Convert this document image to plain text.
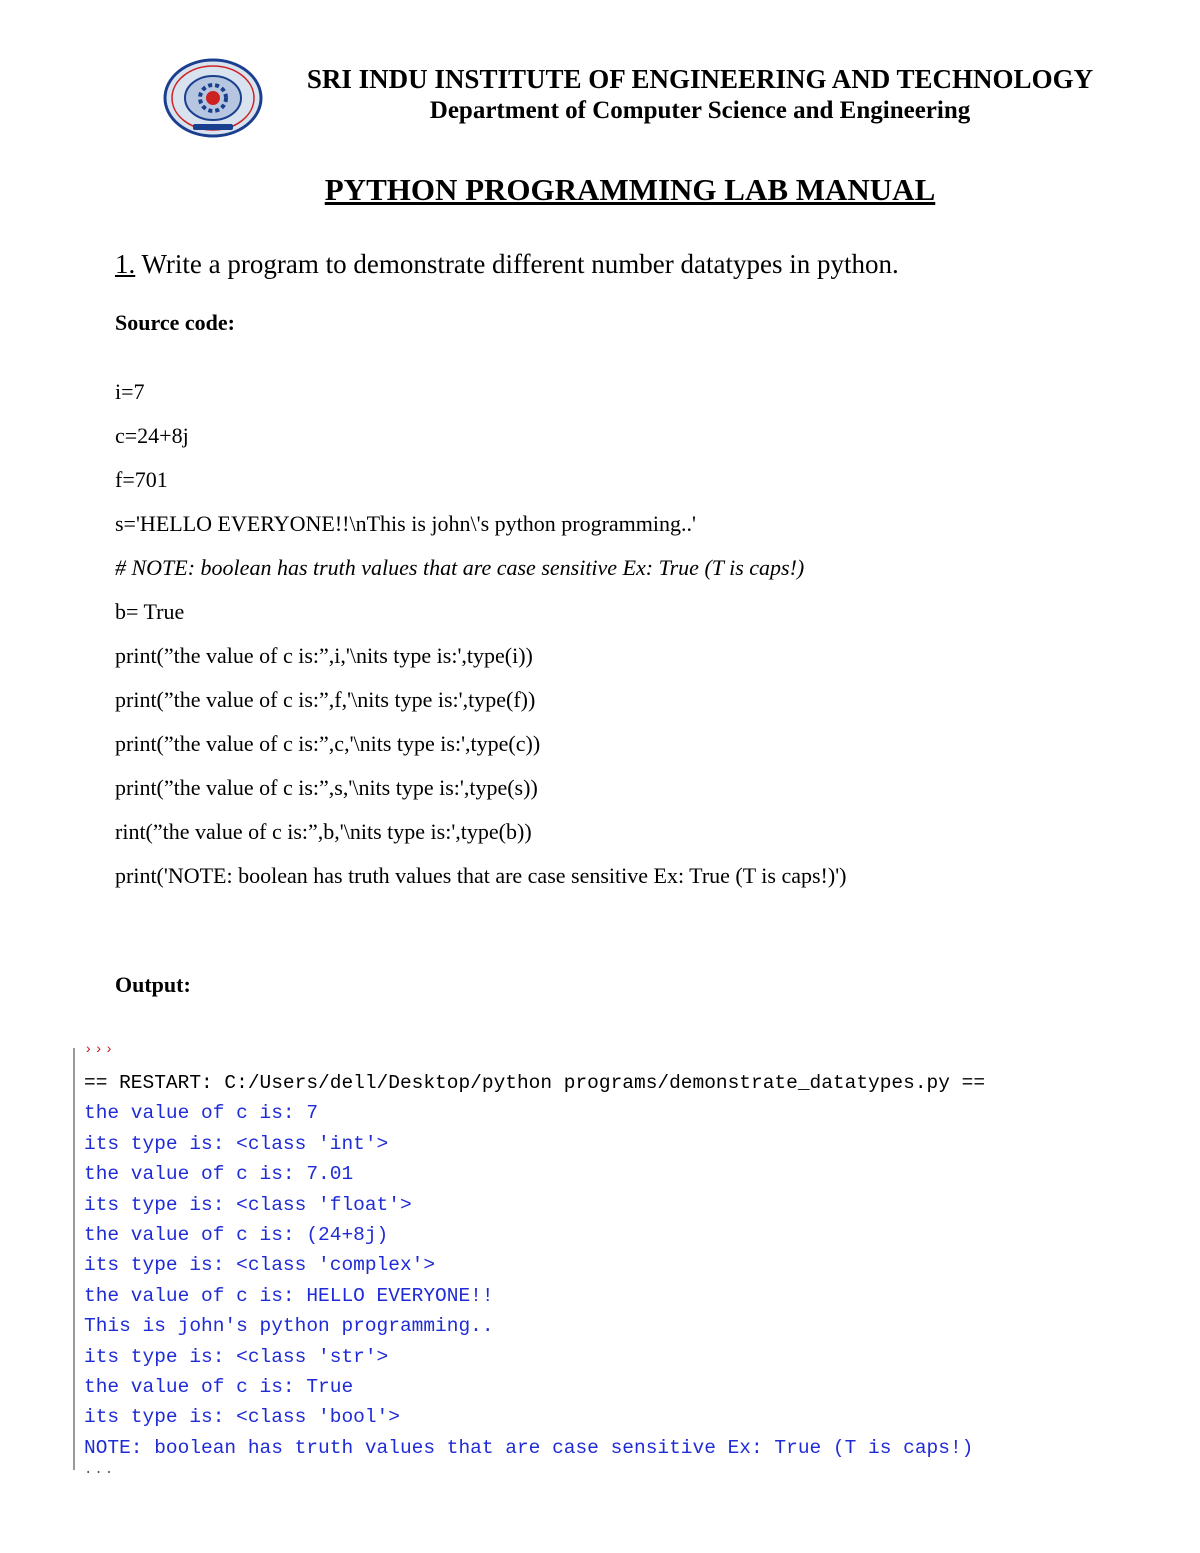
SRI INDU INSTITUTE OF ENGINEERING AND TECHNOLOGY
Department of Computer Science and Engineering
PYTHON PROGRAMMING LAB MANUAL
1. Write a program to demonstrate different number datatypes in python.
Source code:
i=7
c=24+8j
f=701
s='HELLO EVERYONE!!\nThis is john\'s python programming..'
# NOTE: boolean has truth values that are case sensitive Ex: True (T is caps!)
b= True
print(”the value of c is:”,i,'\nits type is:',type(i))
print(”the value of c is:”,f,'\nits type is:',type(f))
print(”the value of c is:”,c,'\nits type is:',type(c))
print(”the value of c is:”,s,'\nits type is:',type(s))
rint(”the value of c is:”,b,'\nits type is:',type(b))
print('NOTE: boolean has truth values that are case sensitive Ex: True (T is caps!)')
Output:
›››
== RESTART: C:/Users/dell/Desktop/python programs/demonstrate_datatypes.py ==
the value of c is: 7
its type is: <class 'int'>
the value of c is: 7.01
its type is: <class 'float'>
the value of c is: (24+8j)
its type is: <class 'complex'>
the value of c is: HELLO EVERYONE!!
This is john's python programming..
its type is: <class 'str'>
the value of c is: True
its type is: <class 'bool'>
NOTE: boolean has truth values that are case sensitive Ex: True (T is caps!)
...
